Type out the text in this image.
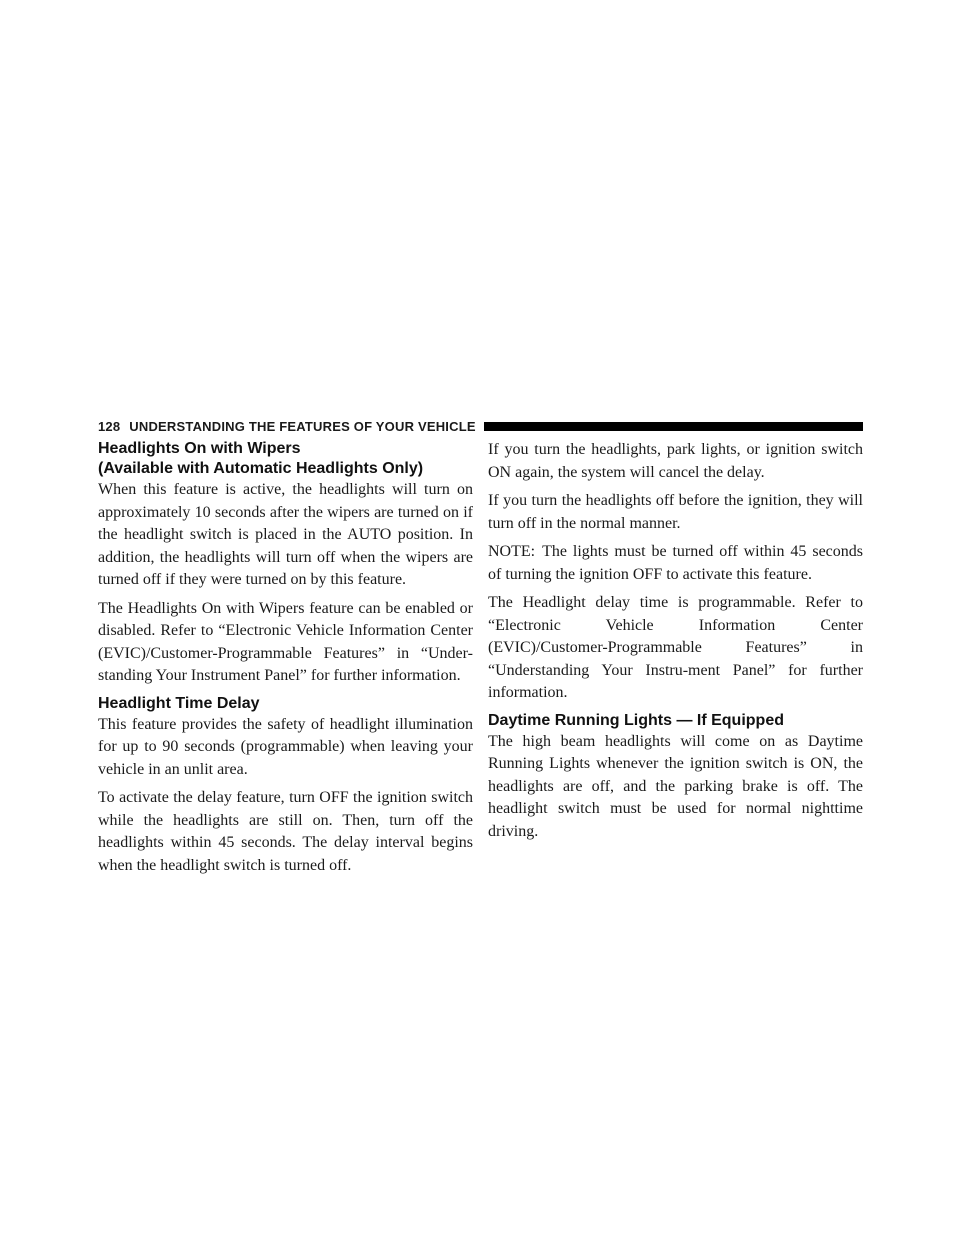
128 UNDERSTANDING THE FEATURES OF YOUR VEHICLE
Headlights On with Wipers
(Available with Automatic Headlights Only)

When this feature is active, the headlights will turn on approximately 10 seconds after the wipers are turned on if the headlight switch is placed in the AUTO position. In addition, the headlights will turn off when the wipers are turned off if they were turned on by this feature.

The Headlights On with Wipers feature can be enabled or disabled. Refer to “Electronic Vehicle Information Center (EVIC)/Customer-Programmable Features” in “Under-standing Your Instrument Panel” for further information.

Headlight Time Delay

This feature provides the safety of headlight illumination for up to 90 seconds (programmable) when leaving your vehicle in an unlit area.

To activate the delay feature, turn OFF the ignition switch while the headlights are still on. Then, turn off the headlights within 45 seconds. The delay interval begins when the headlight switch is turned off.

If you turn the headlights, park lights, or ignition switch ON again, the system will cancel the delay.

If you turn the headlights off before the ignition, they will turn off in the normal manner.

NOTE: The lights must be turned off within 45 seconds of turning the ignition OFF to activate this feature.

The Headlight delay time is programmable. Refer to “Electronic Vehicle Information Center (EVIC)/Customer-Programmable Features” in “Understanding Your Instru-ment Panel” for further information.

Daytime Running Lights — If Equipped

The high beam headlights will come on as Daytime Running Lights whenever the ignition switch is ON, the headlights are off, and the parking brake is off. The headlight switch must be used for normal nighttime driving.
